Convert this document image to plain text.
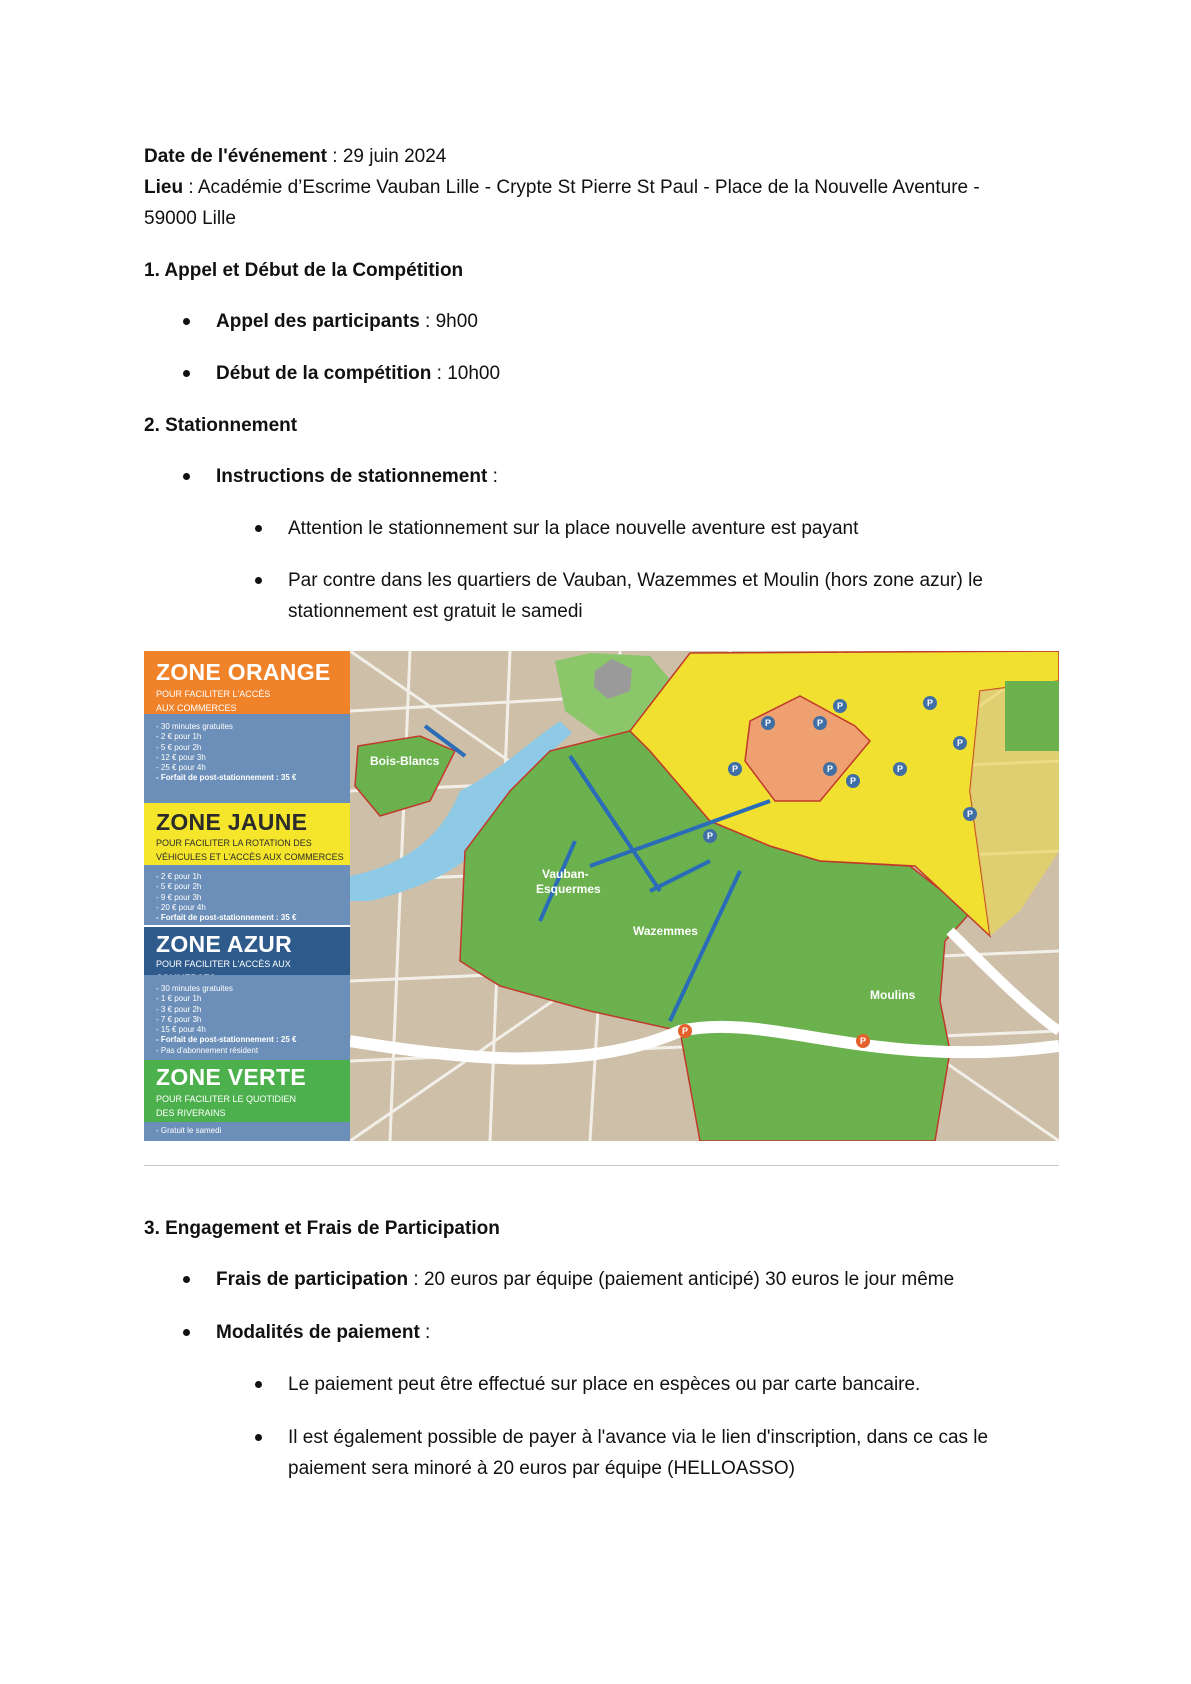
Date de l'événement : 29 juin 2024
Lieu : Académie d’Escrime Vauban Lille - Crypte St Pierre St Paul - Place de la Nouvelle Aventure -
59000 Lille
1. Appel et Début de la Compétition
Appel des participants : 9h00
Début de la compétition : 10h00
2. Stationnement
Instructions de stationnement :
Attention le stationnement sur la place nouvelle aventure est payant
Par contre dans les quartiers de Vauban, Wazemmes et Moulin (hors zone azur) le
stationnement est gratuit le samedi
ZONE ORANGE
POUR FACILITER L'ACCÈS
AUX COMMERCES
- 30 minutes gratuites
- 2 € pour 1h
- 5 € pour 2h
- 12 € pour 3h
- 25 € pour 4h
- Forfait de post-stationnement : 35 €
ZONE JAUNE
POUR FACILITER LA ROTATION DES
VÉHICULES ET L'ACCÈS AUX COMMERCES
- 2 € pour 1h
- 5 € pour 2h
- 9 € pour 3h
- 20 € pour 4h
- Forfait de post-stationnement : 35 €
ZONE AZUR
POUR FACILITER L'ACCÈS AUX
- 30 minutes gratuites
- 1 € pour 1h
- 3 € pour 2h
- 7 € pour 3h
- 15 € pour 4h
- Forfait de post-stationnement : 25 €
- Pas d'abonnement résident
ZONE VERTE
POUR FACILITER LE QUOTIDIEN
DES RIVERAINS
- Gratuit le samedi
Bois-Blancs
Vauban-
Esquermes
Wazemmes
Moulins
P	P
P
P	P	P
P
P
P
P
P
P
P
3. Engagement et Frais de Participation
Frais de participation : 20 euros par équipe (paiement anticipé) 30 euros le jour même
Modalités de paiement :
Le paiement peut être effectué sur place en espèces ou par carte bancaire.
Il est également possible de payer à l'avance via le lien d'inscription, dans ce cas le
paiement sera minoré à 20 euros par équipe (HELLOASSO)
